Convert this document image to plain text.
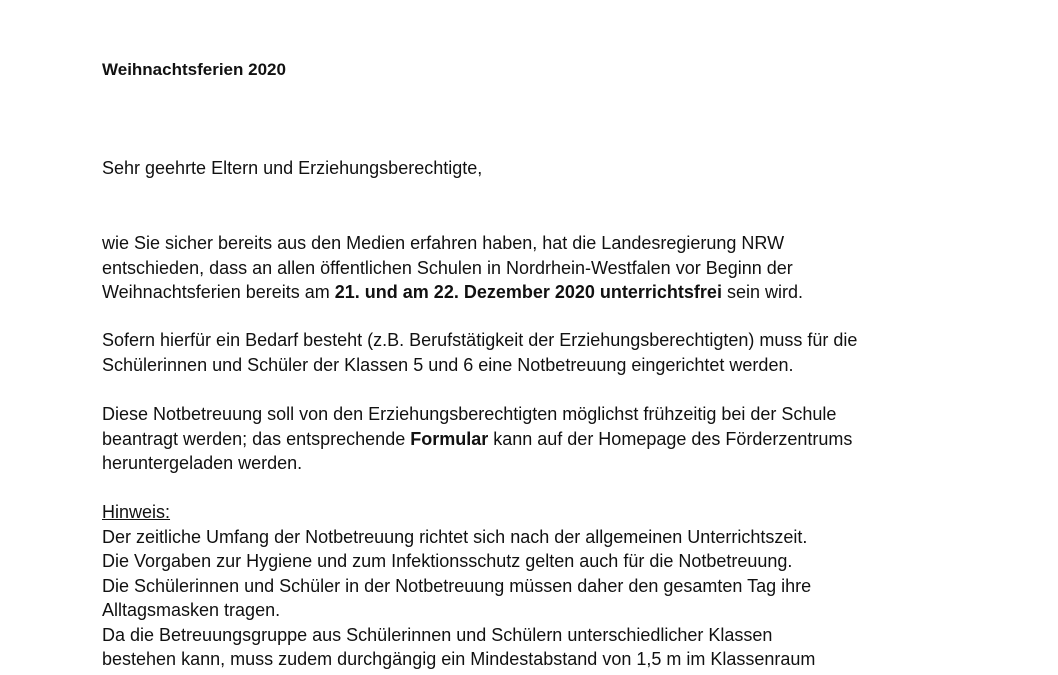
Weihnachtsferien 2020
Sehr geehrte Eltern und Erziehungsberechtigte,
wie Sie sicher bereits aus den Medien erfahren haben, hat die Landesregierung NRW
entschieden, dass an allen öffentlichen Schulen in Nordrhein-Westfalen vor Beginn der
Weihnachtsferien bereits am 21. und am 22. Dezember 2020 unterrichtsfrei sein wird.
Sofern hierfür ein Bedarf besteht (z.B. Berufstätigkeit der Erziehungsberechtigten) muss für die
Schülerinnen und Schüler der Klassen 5 und 6 eine Notbetreuung eingerichtet werden.
Diese Notbetreuung soll von den Erziehungsberechtigten möglichst frühzeitig bei der Schule
beantragt werden; das entsprechende Formular kann auf der Homepage des Förderzentrums
heruntergeladen werden.
Hinweis:
Der zeitliche Umfang der Notbetreuung richtet sich nach der allgemeinen Unterrichtszeit.
Die Vorgaben zur Hygiene und zum Infektionsschutz gelten auch für die Notbetreuung.
Die Schülerinnen und Schüler in der Notbetreuung müssen daher den gesamten Tag ihre
Alltagsmasken tragen.
Da die Betreuungsgruppe aus Schülerinnen und Schülern unterschiedlicher Klassen
bestehen kann, muss zudem durchgängig ein Mindestabstand von 1,5 m im Klassenraum
